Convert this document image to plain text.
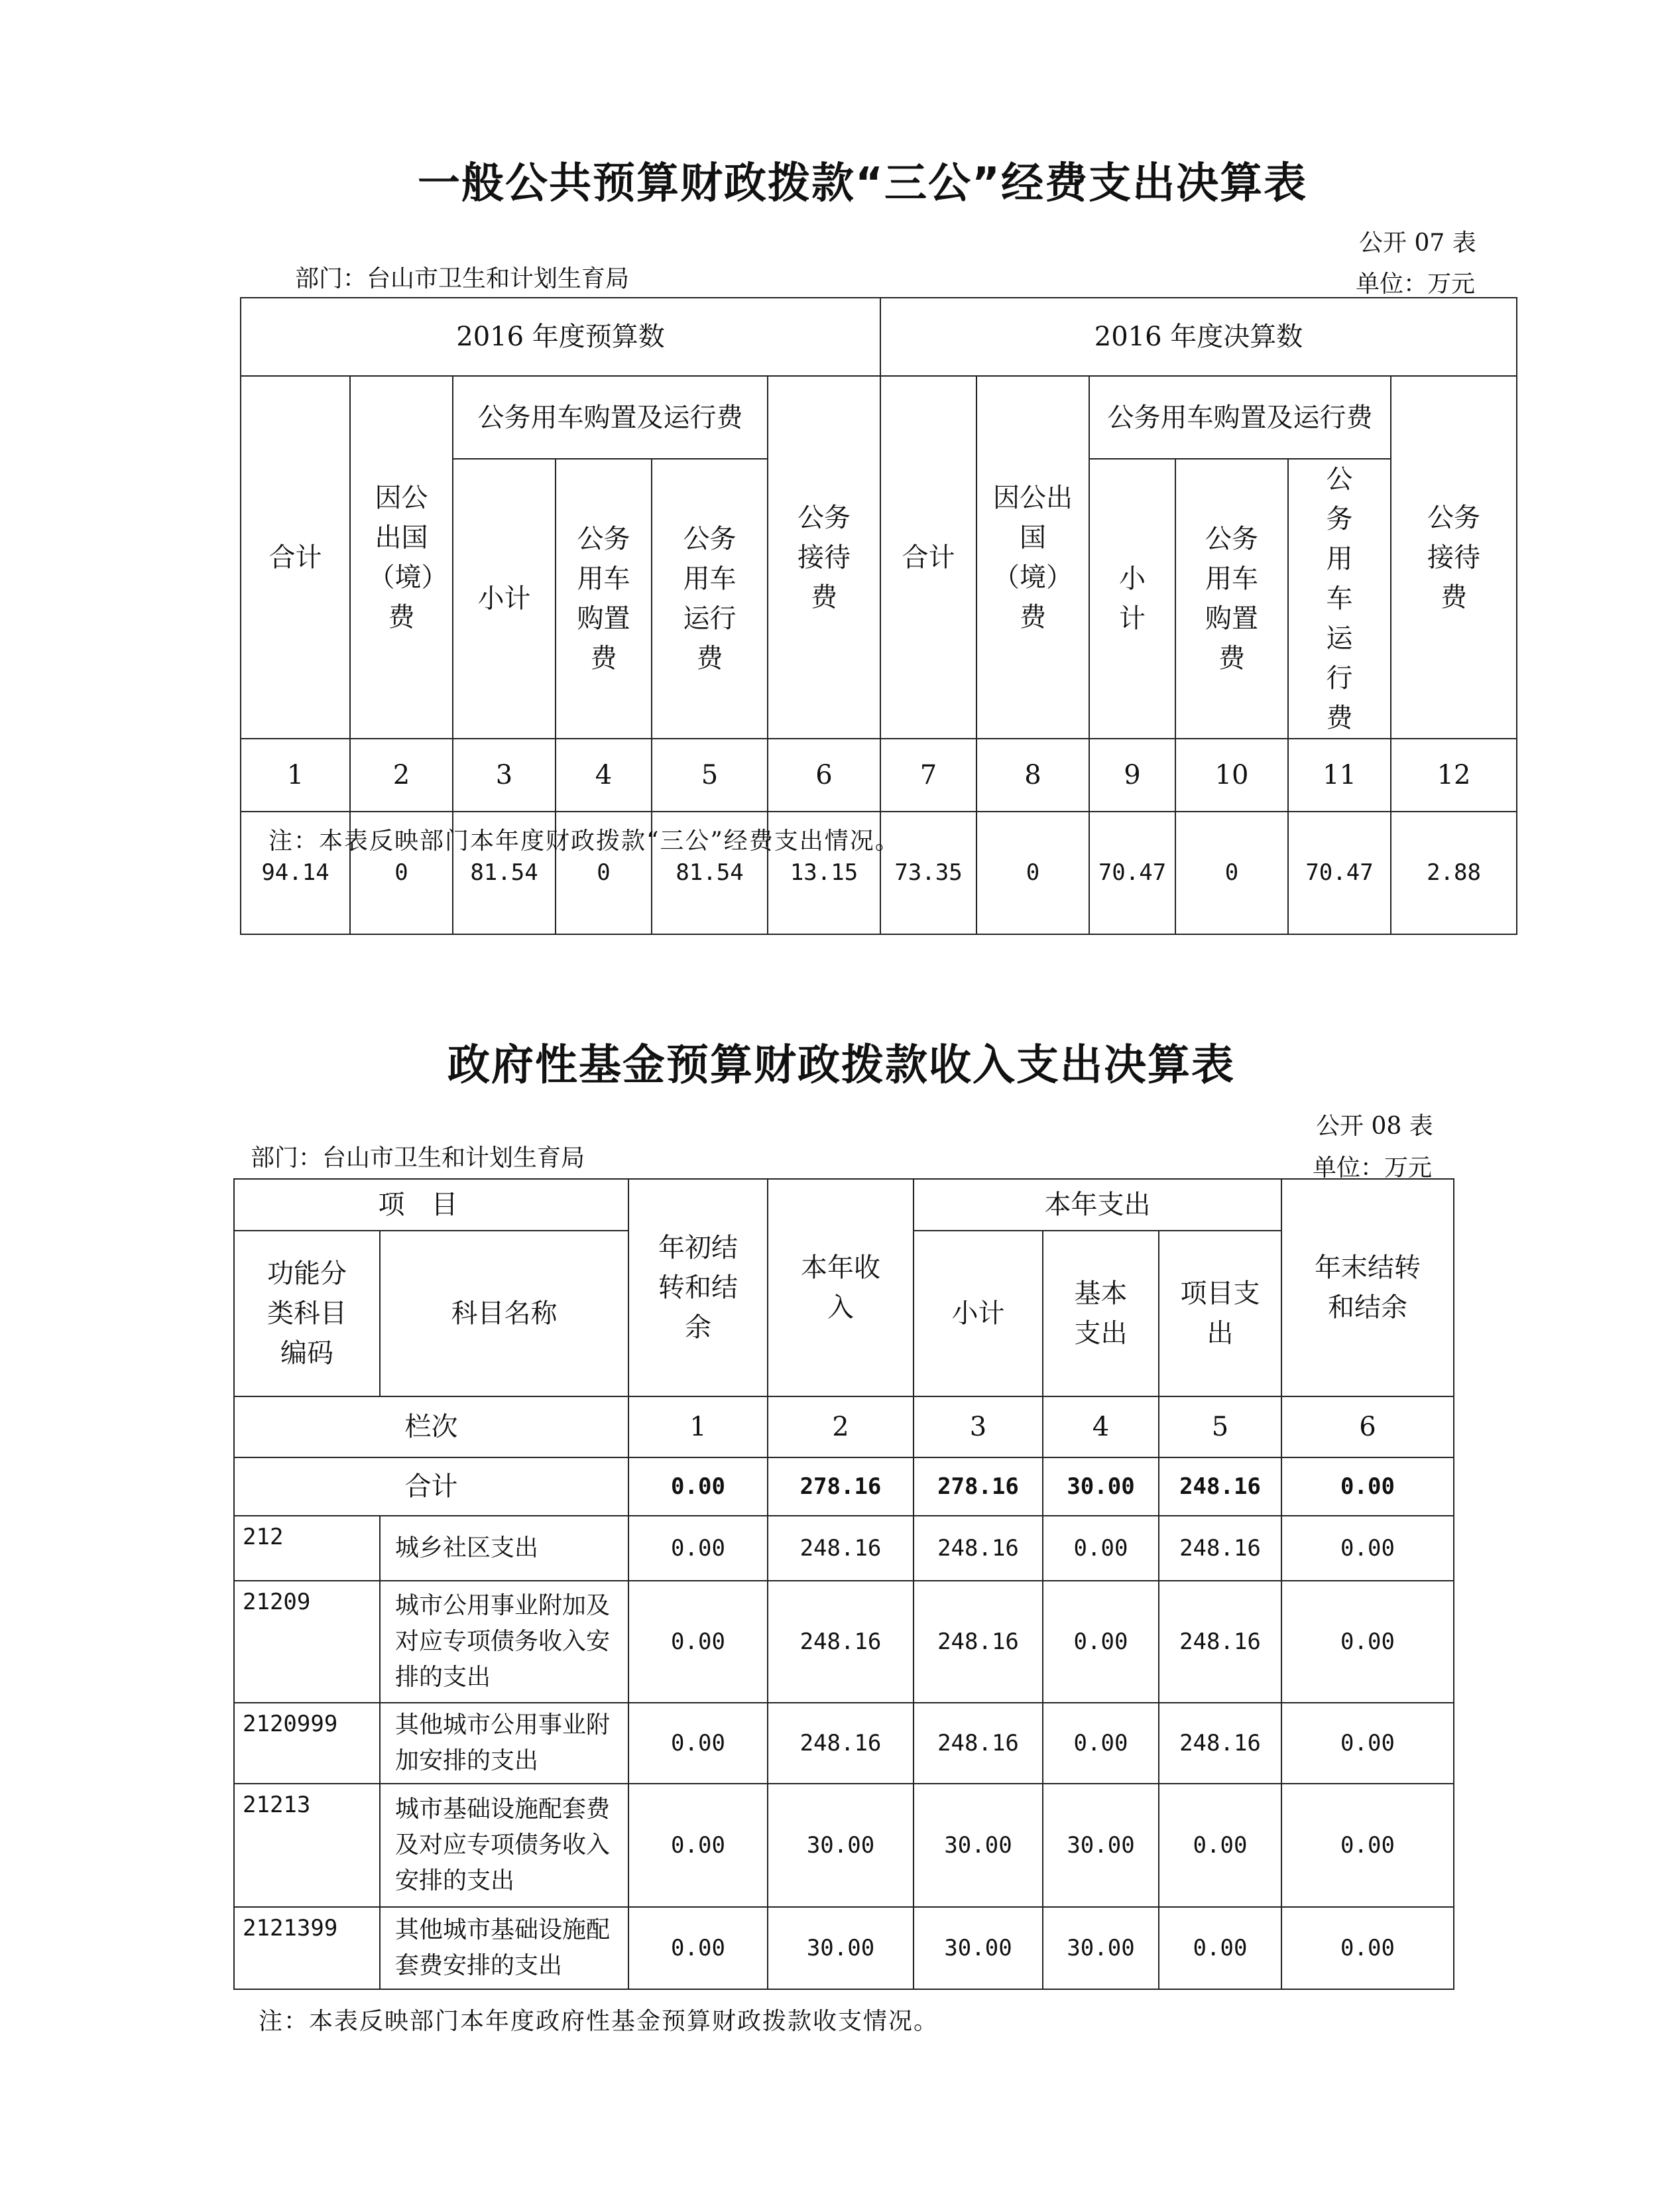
一般公共预算财政拨款“三公”经费支出决算表
公开 07 表
部门：台山市卫生和计划生育局	单位：万元
2016 年度预算数						2016 年度决算数					
合计	因公出国（境）费	公务用车购置及运行费			公务接待费	合计	因公出国（境）费	公务用车购置及运行费			公务接待费
		小计	公务用车购置费	公务用车运行费				小计	公务用车购置费	公务用车运行费	
1	2	3	4	5	6	7	8	9	10	11	12
94.14	0	81.54	0	81.54	13.15	73.35	0	70.47	0	70.47	2.88
注：本表反映部门本年度财政拨款“三公”经费支出情况。
政府性基金预算财政拨款收入支出决算表
公开 08 表
部门：台山市卫生和计划生育局	单位：万元
项目		年初结转和结余	本年收入	本年支出			年末结转和结余
功能分类科目编码	科目名称			小计	基本支出	项目支出	
栏次		1	2	3	4	5	6
合计		0.00	278.16	278.16	30.00	248.16	0.00
212	城乡社区支出	0.00	248.16	248.16	0.00	248.16	0.00
21209	城市公用事业附加及对应专项债务收入安排的支出	0.00	248.16	248.16	0.00	248.16	0.00
2120999	其他城市公用事业附加安排的支出	0.00	248.16	248.16	0.00	248.16	0.00
21213	城市基础设施配套费及对应专项债务收入安排的支出	0.00	30.00	30.00	30.00	0.00	0.00
2121399	其他城市基础设施配套费安排的支出	0.00	30.00	30.00	30.00	0.00	0.00
注：本表反映部门本年度政府性基金预算财政拨款收支情况。
